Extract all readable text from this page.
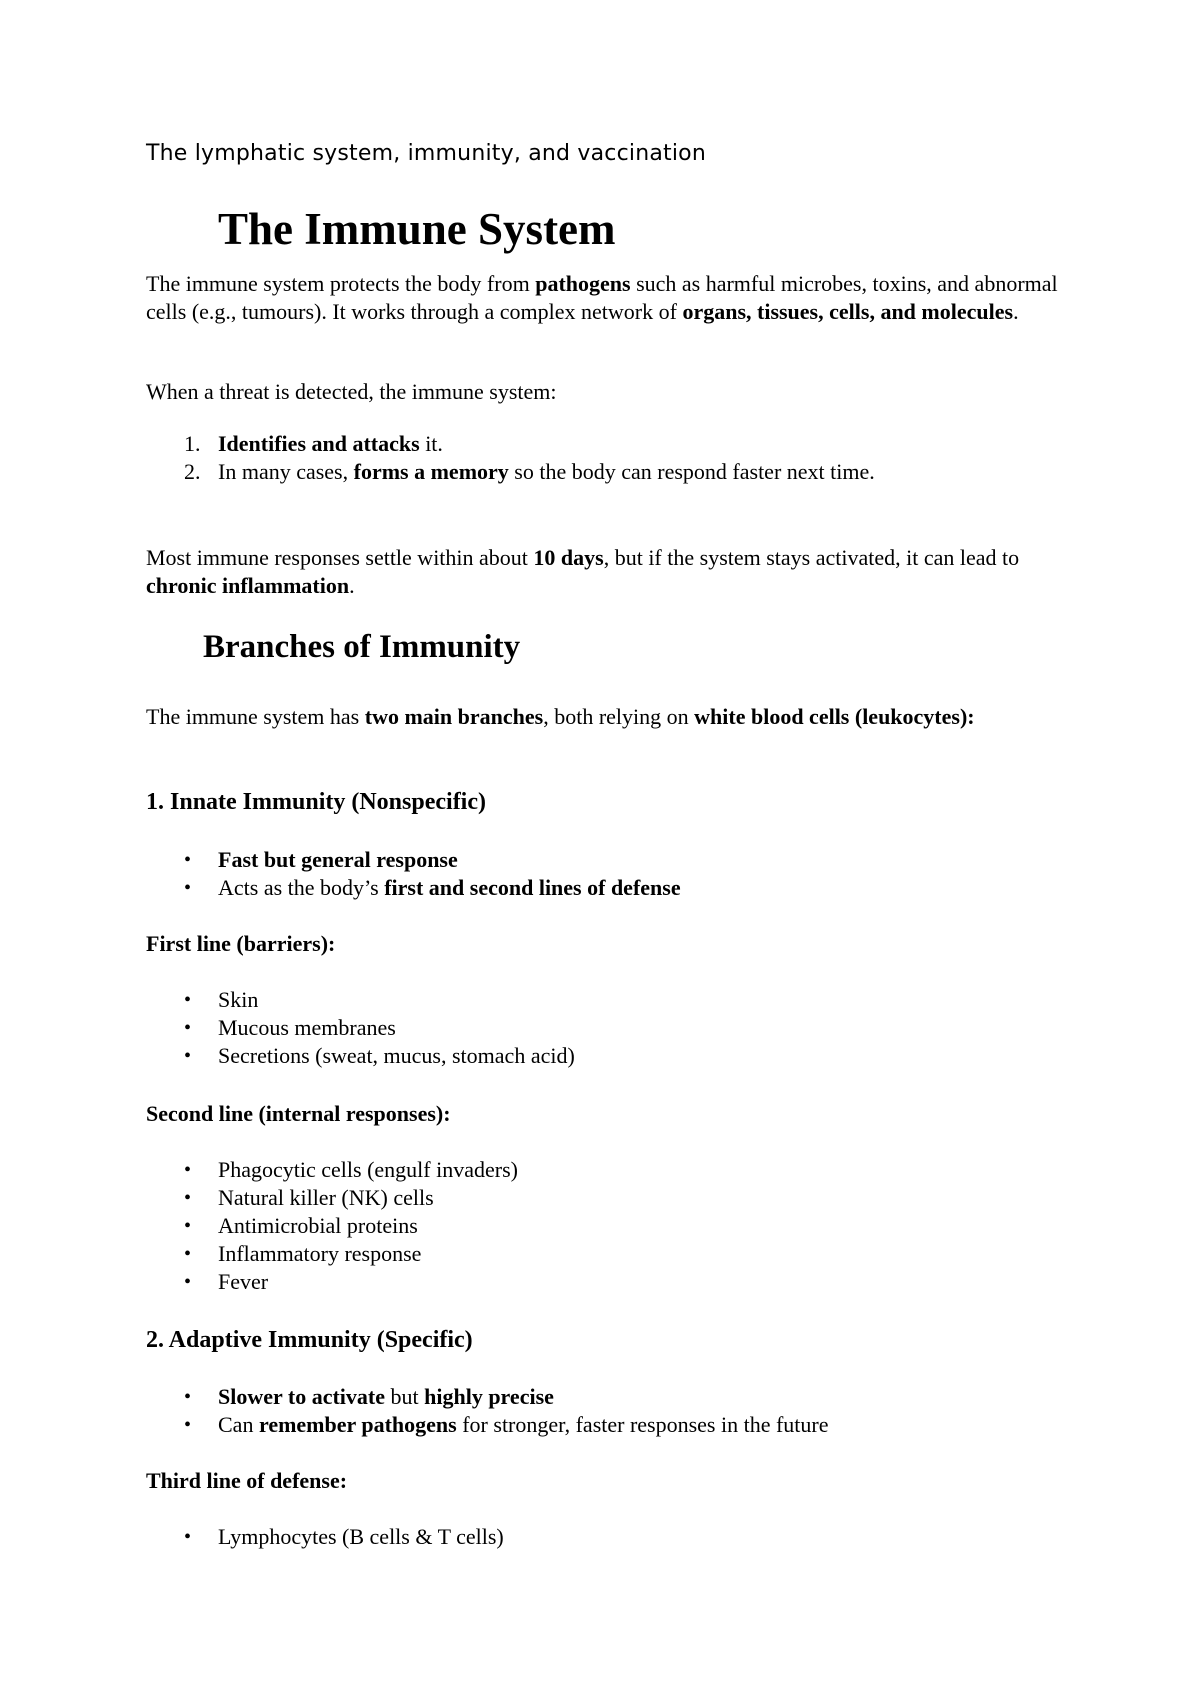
The lymphatic system, immunity, and vaccination
The Immune System

The immune system protects the body from pathogens such as harmful microbes, toxins, and abnormal cells (e.g., tumours). It works through a complex network of organs, tissues, cells, and molecules.

When a threat is detected, the immune system:

1. Identifies and attacks it.
2. In many cases, forms a memory so the body can respond faster next time.

Most immune responses settle within about 10 days, but if the system stays activated, it can lead to chronic inflammation.

Branches of Immunity

The immune system has two main branches, both relying on white blood cells (leukocytes):

1. Innate Immunity (Nonspecific)
•	Fast but general response
•	Acts as the body’s first and second lines of defense

First line (barriers):

•	Skin
•	Mucous membranes
•	Secretions (sweat, mucus, stomach acid)

Second line (internal responses):

•	Phagocytic cells (engulf invaders)
•	Natural killer (NK) cells
•	Antimicrobial proteins
•	Inflammatory response
•	Fever
2. Adaptive Immunity (Specific)
•	Slower to activate but highly precise
•	Can remember pathogens for stronger, faster responses in the future

Third line of defense:

•	Lymphocytes (B cells & T cells)
